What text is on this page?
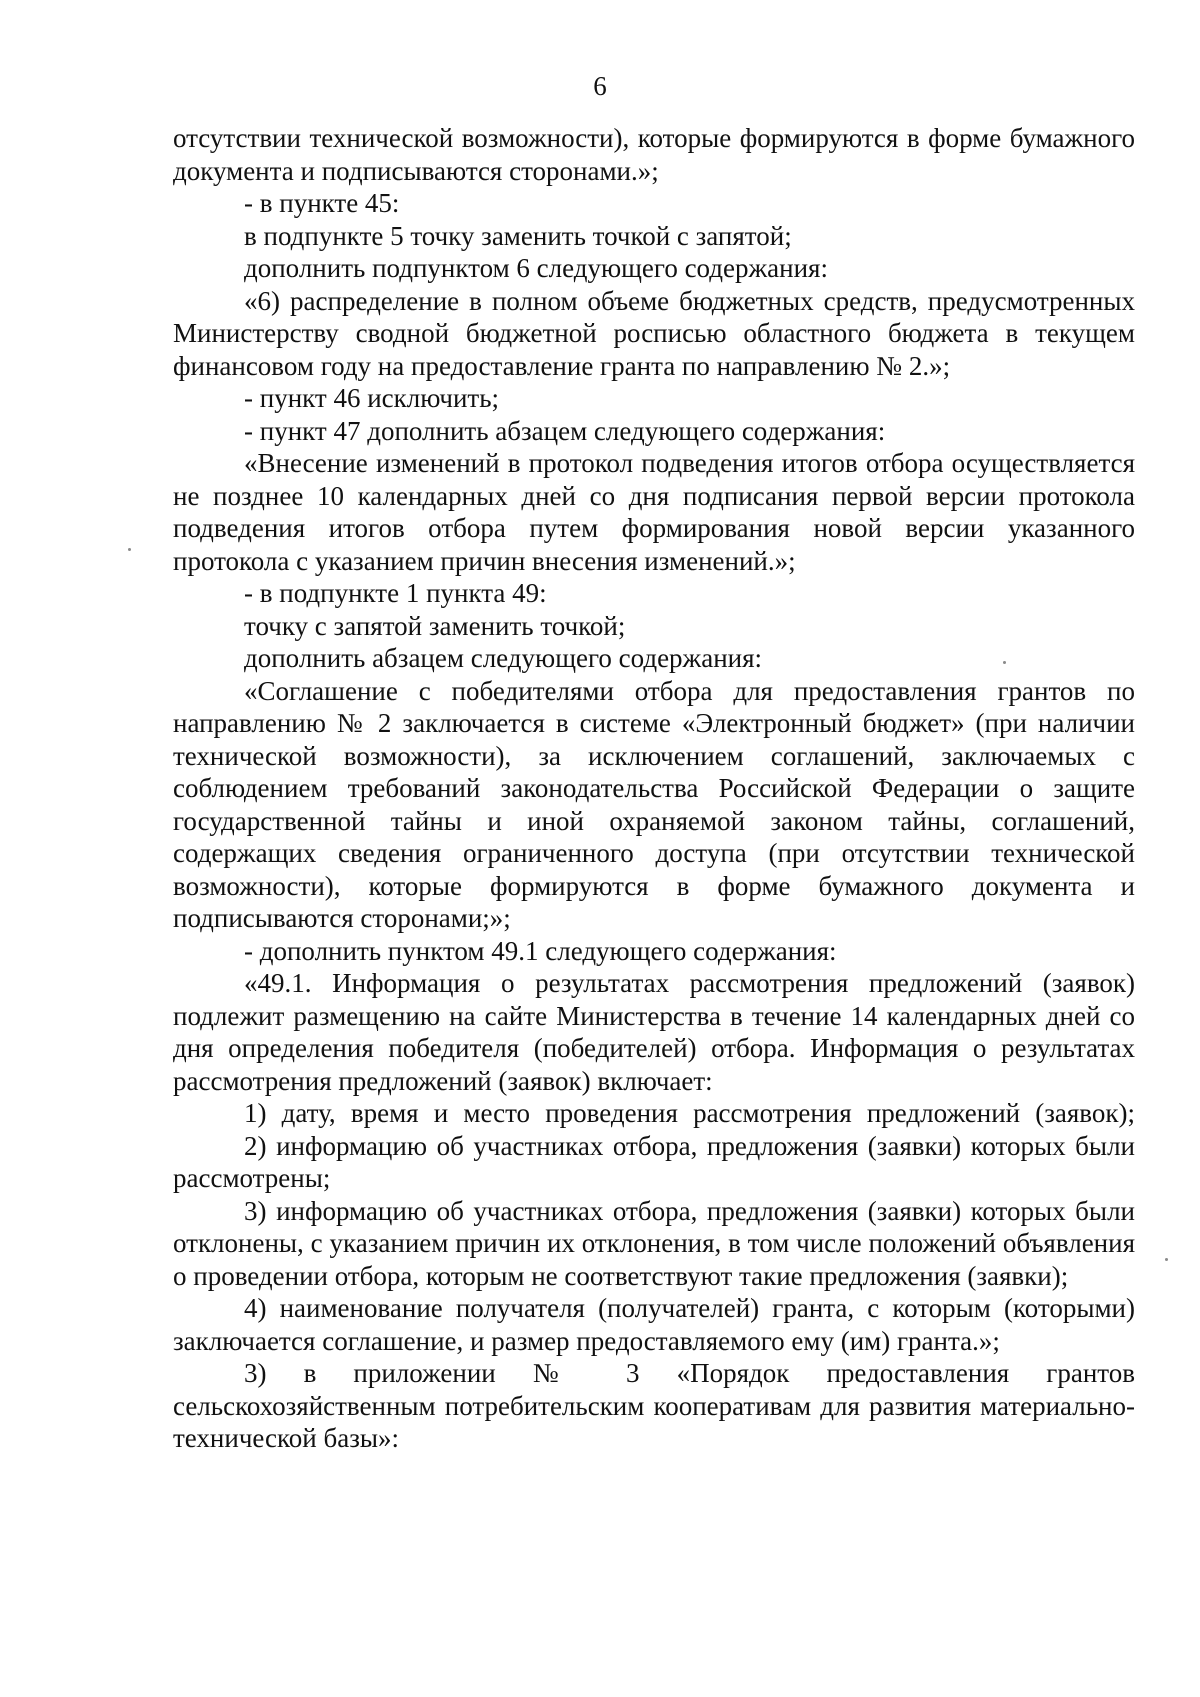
6

отсутствии технической возможности), которые формируются в форме бумажного документа и подписываются сторонами.»;

- в пункте 45:

в подпункте 5 точку заменить точкой с запятой;

дополнить подпунктом 6 следующего содержания:

«6) распределение в полном объеме бюджетных средств, предусмотренных Министерству сводной бюджетной росписью областного бюджета в текущем финансовом году на предоставление гранта по направлению № 2.»;

- пункт 46 исключить;

- пункт 47 дополнить абзацем следующего содержания:

«Внесение изменений в протокол подведения итогов отбора осуществляется не позднее 10 календарных дней со дня подписания первой версии протокола подведения итогов отбора путем формирования новой версии указанного протокола с указанием причин внесения изменений.»;

- в подпункте 1 пункта 49:

точку с запятой заменить точкой;

дополнить абзацем следующего содержания:

«Соглашение с победителями отбора для предоставления грантов по направлению № 2 заключается в системе «Электронный бюджет» (при наличии технической возможности), за исключением соглашений, заключаемых с соблюдением требований законодательства Российской Федерации о защите государственной тайны и иной охраняемой законом тайны, соглашений, содержащих сведения ограниченного доступа (при отсутствии технической возможности), которые формируются в форме бумажного документа и подписываются сторонами;»;

- дополнить пунктом 49.1 следующего содержания:

«49.1. Информация о результатах рассмотрения предложений (заявок) подлежит размещению на сайте Министерства в течение 14 календарных дней со дня определения победителя (победителей) отбора. Информация о результатах рассмотрения предложений (заявок) включает:

1) дату, время и место проведения рассмотрения предложений (заявок);

2) информацию об участниках отбора, предложения (заявки) которых были рассмотрены;

3) информацию об участниках отбора, предложения (заявки) которых были отклонены, с указанием причин их отклонения, в том числе положений объявления о проведении отбора, которым не соответствуют такие предложения (заявки);

4) наименование получателя (получателей) гранта, с которым (которыми) заключается соглашение, и размер предоставляемого ему (им) гранта.»;

3) в приложении № 3 «Порядок предоставления грантов сельскохозяйственным потребительским кооперативам для развития материально-технической базы»:
